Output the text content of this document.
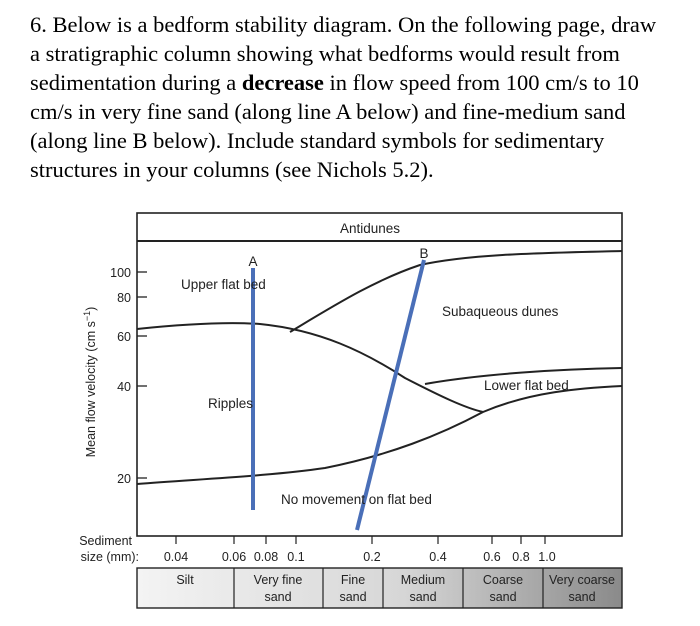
6. Below is a bedform stability diagram. On the following page, draw a stratigraphic column showing what bedforms would result from sedimentation during a decrease in flow speed from 100 cm/s to 10 cm/s in very fine sand (along line A below) and fine-medium sand (along line B below). Include standard symbols for sedimentary structures in your columns (see Nichols 5.2).
A
B
Antidunes
Upper flat bed
Subaqueous dunes
Ripples
Lower flat bed
No movement on flat bed
100
80
60
40
20
Mean flow velocity (cm $s^{-1}$)
Sediment
size (mm): 0.04	0.06 0.08 0.1	0.2	0.4	0.6 0.8 1.0
Silt	Very fine
sand
Fine
sand
Medium
sand
Coarse
sand
Very coarse
sand
